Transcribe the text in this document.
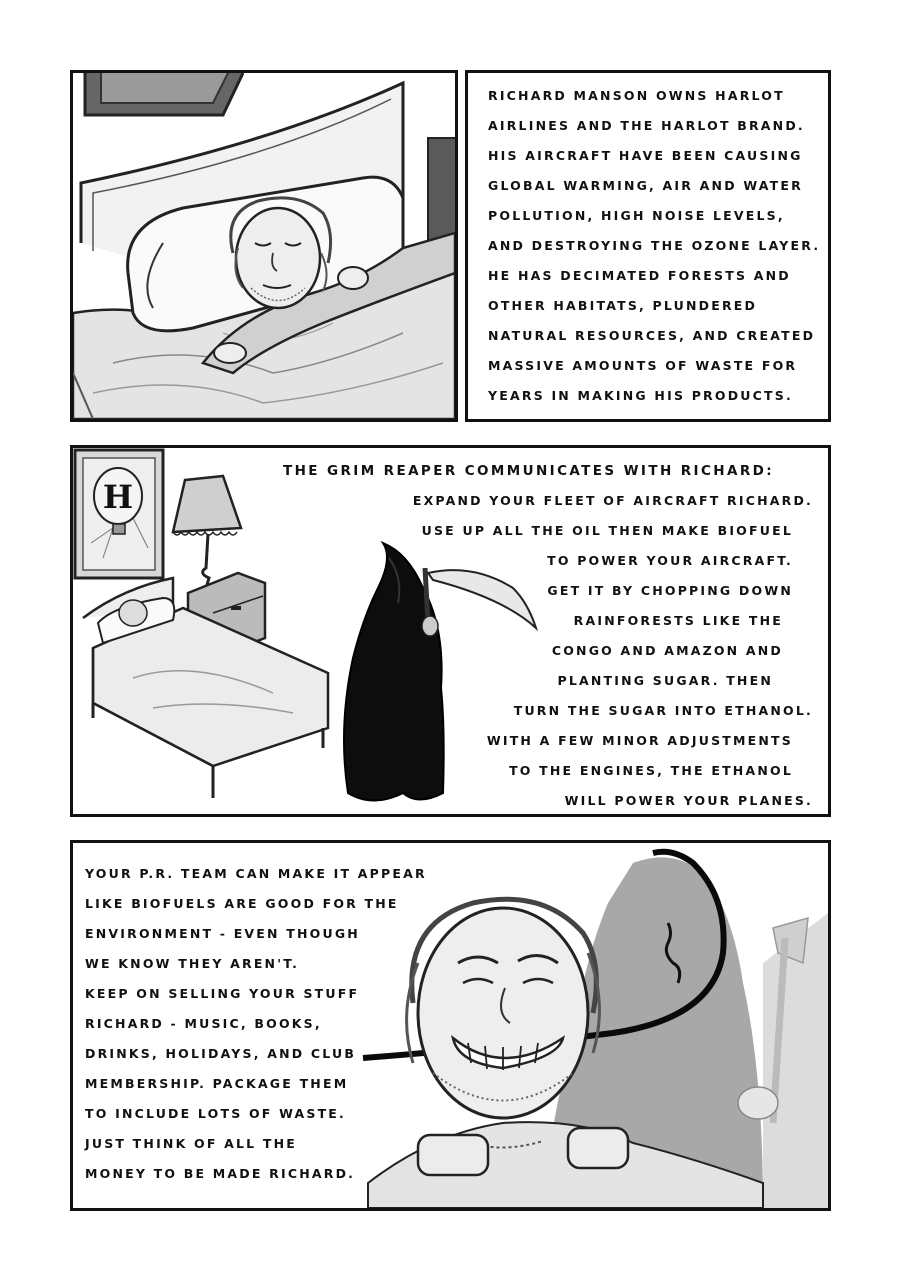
RICHARD MANSON OWNS HARLOT
AIRLINES AND THE HARLOT BRAND.
HIS AIRCRAFT HAVE BEEN CAUSING
GLOBAL WARMING, AIR AND WATER
POLLUTION, HIGH NOISE LEVELS,
AND DESTROYING THE OZONE LAYER.
HE HAS DECIMATED FORESTS AND
OTHER HABITATS, PLUNDERED
NATURAL RESOURCES, AND CREATED
MASSIVE AMOUNTS OF WASTE FOR
YEARS IN MAKING HIS PRODUCTS.

H
THE GRIM REAPER COMMUNICATES WITH RICHARD:

EXPAND YOUR FLEET OF AIRCRAFT RICHARD.
USE UP ALL THE OIL THEN MAKE BIOFUEL
TO POWER YOUR AIRCRAFT.
GET IT BY CHOPPING DOWN
RAINFORESTS LIKE THE
CONGO AND AMAZON AND
PLANTING SUGAR. THEN
TURN THE SUGAR INTO ETHANOL.
WITH A FEW MINOR ADJUSTMENTS
TO THE ENGINES, THE ETHANOL
WILL POWER YOUR PLANES.

YOUR P.R. TEAM CAN MAKE IT APPEAR
LIKE BIOFUELS ARE GOOD FOR THE
ENVIRONMENT - EVEN THOUGH
WE KNOW THEY AREN'T.
KEEP ON SELLING YOUR STUFF
RICHARD - MUSIC, BOOKS,
DRINKS, HOLIDAYS, AND CLUB
MEMBERSHIP. PACKAGE THEM
TO INCLUDE LOTS OF WASTE.
JUST THINK OF ALL THE
MONEY TO BE MADE RICHARD.
